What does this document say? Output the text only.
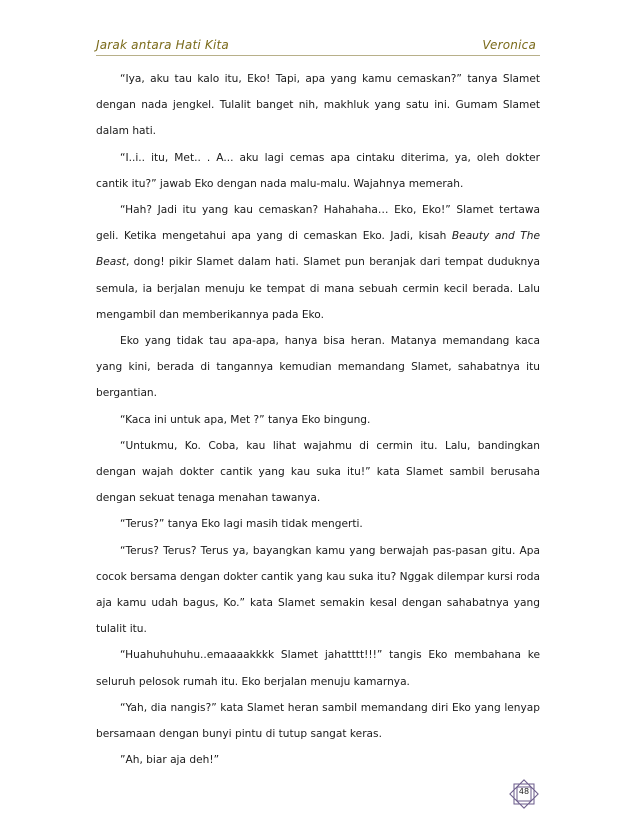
Jarak antara Hati Kita	Veronica

“Iya, aku tau kalo itu, Eko! Tapi, apa yang kamu cemaskan?” tanya Slamet dengan nada jengkel. Tulalit banget nih, makhluk yang satu ini. Gumam Slamet dalam hati.

“I..i.. itu, Met.. . A... aku lagi cemas apa cintaku diterima, ya, oleh dokter cantik itu?” jawab Eko dengan nada malu-malu. Wajahnya memerah.

“Hah? Jadi itu yang kau cemaskan? Hahahaha… Eko, Eko!” Slamet tertawa geli. Ketika mengetahui apa yang di cemaskan Eko. Jadi, kisah Beauty and The Beast, dong! pikir Slamet dalam hati. Slamet pun beranjak dari tempat duduknya semula, ia berjalan menuju ke tempat di mana sebuah cermin kecil berada. Lalu mengambil dan memberikannya pada Eko.

Eko yang tidak tau apa-apa, hanya bisa heran. Matanya memandang kaca yang kini, berada di tangannya kemudian memandang Slamet, sahabatnya itu bergantian.

“Kaca ini untuk apa, Met ?” tanya Eko bingung.

“Untukmu, Ko. Coba, kau lihat wajahmu di cermin itu. Lalu, bandingkan dengan wajah dokter cantik yang kau suka itu!” kata Slamet sambil berusaha dengan sekuat tenaga menahan tawanya.

“Terus?” tanya Eko lagi masih tidak mengerti.

“Terus? Terus? Terus ya, bayangkan kamu yang berwajah pas-pasan gitu. Apa cocok bersama dengan dokter cantik yang kau suka itu? Nggak dilempar kursi roda aja kamu udah bagus, Ko.” kata Slamet semakin kesal dengan sahabatnya yang tulalit itu.

“Huahuhuhuhu..emaaaakkkk Slamet jahatttt!!!” tangis Eko membahana ke seluruh pelosok rumah itu. Eko berjalan menuju kamarnya.

“Yah, dia nangis?” kata Slamet heran sambil memandang diri Eko yang lenyap bersamaan dengan bunyi pintu di tutup sangat keras.

”Ah, biar aja deh!”

48
